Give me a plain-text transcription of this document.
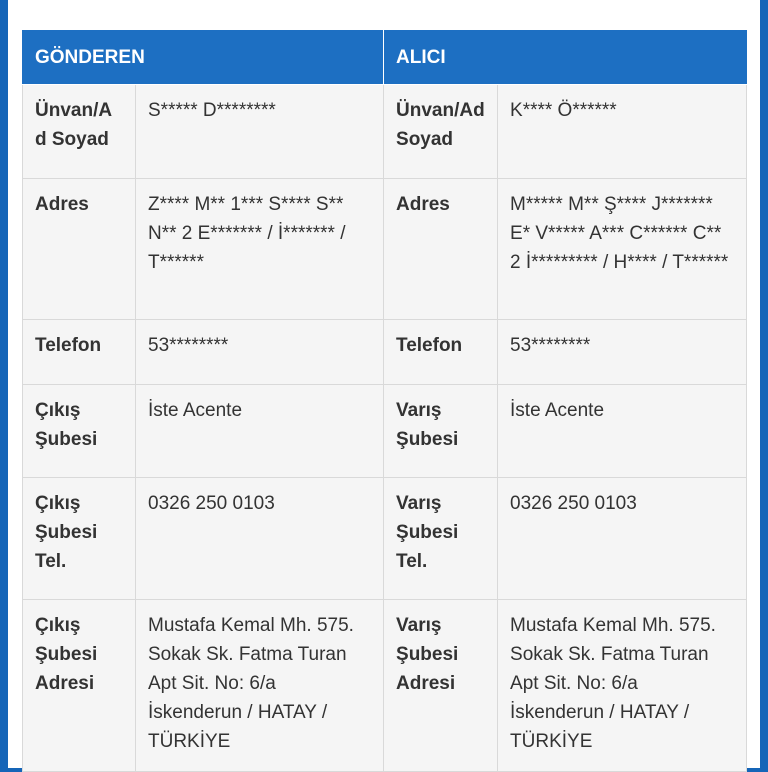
GÖNDEREN		ALICI	
Ünvan/Ad Soyad	S***** D********	Ünvan/Ad Soyad	K**** Ö******
Adres	Z**** M** 1*** S**** S** N** 2 E******* / İ******* / T******	Adres	M***** M** Ş**** J******* E* V***** A*** C****** C** 2 İ********* / H**** / T******
Telefon	53********	Telefon	53********
Çıkış Şubesi	İste Acente	Varış Şubesi	İste Acente
Çıkış Şubesi Tel.	0326 250 0103	Varış Şubesi Tel.	0326 250 0103
Çıkış Şubesi Adresi	Mustafa Kemal Mh. 575. Sokak Sk. Fatma Turan Apt Sit. No: 6/a İskenderun / HATAY / TÜRKİYE	Varış Şubesi Adresi	Mustafa Kemal Mh. 575. Sokak Sk. Fatma Turan Apt Sit. No: 6/a İskenderun / HATAY / TÜRKİYE
